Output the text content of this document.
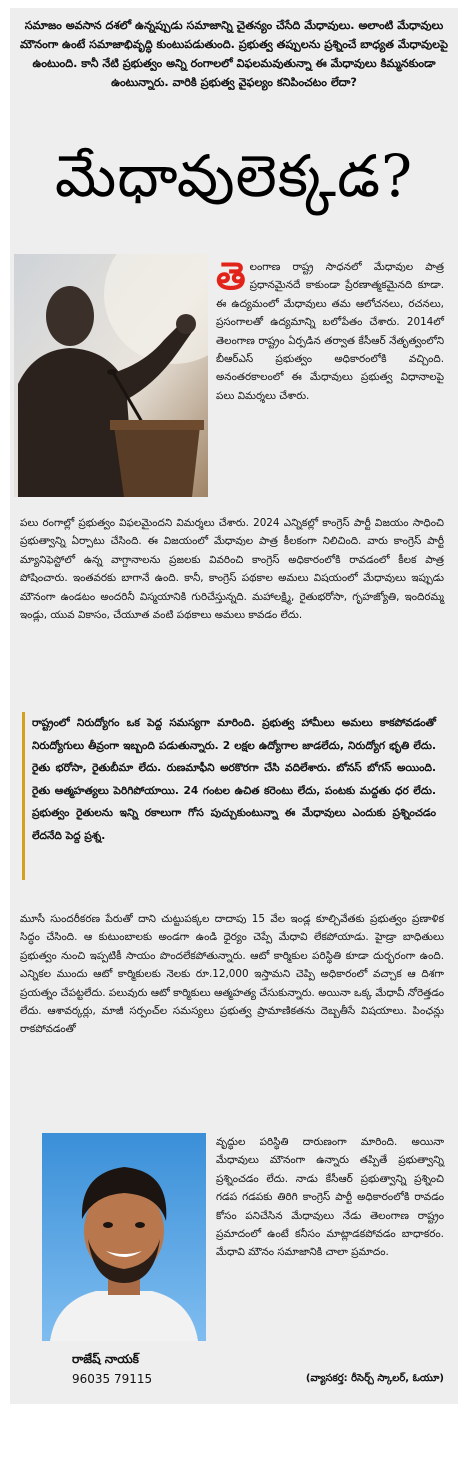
సమాజం అవసాన దశలో ఉన్నప్పుడు సమాజాన్ని చైతన్యం చేసేది మేధావులు. అలాంటి మేధావులు మౌనంగా ఉంటే సమాజాభివృద్ధి కుంటుపడుతుంది. ప్రభుత్వ తప్పులను ప్రశ్నించే బాధ్యత మేధావులపై ఉంటుంది. కానీ నేటి ప్రభుత్వం అన్ని రంగాలలో విఫలమవుతున్నా ఈ మేధావులు కిమ్మనకుండా ఉంటున్నారు. వారికి ప్రభుత్వ వైఫల్యం కనిపించటం లేదా?
మేధావులెక్కడ?
తెలంగాణ రాష్ట్ర సాధనలో మేధావుల పాత్ర ప్రధానమైనదే కాకుండా ప్రేరణాత్మకమైనది కూడా. ఈ ఉద్యమంలో మేధావులు తమ ఆలోచనలు, రచనలు, ప్రసంగాలతో ఉద్యమాన్ని బలోపేతం చేశారు. 2014లో తెలంగాణ రాష్ట్రం ఏర్పడిన తర్వాత కేసీఆర్ నేతృత్వంలోని బీఆర్ఎస్ ప్రభుత్వం అధికారంలోకి వచ్చింది. అనంతరకాలంలో ఈ మేధావులు ప్రభుత్వ విధానాలపై పలు విమర్శలు చేశారు.
పలు రంగాల్లో ప్రభుత్వం విఫలమైందని విమర్శలు చేశారు. 2024 ఎన్నికల్లో కాంగ్రెస్ పార్టీ విజయం సాధించి ప్రభుత్వాన్ని ఏర్పాటు చేసింది. ఈ విజయంలో మేధావుల పాత్ర కీలకంగా నిలిచింది. వారు కాంగ్రెస్ పార్టీ మ్యానిఫెస్టోలో ఉన్న వాగ్దానాలను ప్రజలకు వివరించి కాంగ్రెస్ అధికారంలోకి రావడంలో కీలక పాత్ర పోషించారు. ఇంతవరకు బాగానే ఉంది. కానీ, కాంగ్రెస్ పథకాల అమలు విషయంలో మేధావులు ఇప్పుడు మౌనంగా ఉండటం అందరినీ విస్మయానికి గురిచేస్తున్నది. మహాలక్ష్మి, రైతుభరోసా, గృహజ్యోతి, ఇందిరమ్మ ఇండ్లు, యువ వికాసం, చేయూత వంటి పథకాలు అమలు కావడం లేదు.
రాష్ట్రంలో నిరుద్యోగం ఒక పెద్ద సమస్యగా మారింది. ప్రభుత్వ హామీలు అమలు కాకపోవడంతో నిరుద్యోగులు తీవ్రంగా ఇబ్బంది పడుతున్నారు. 2 లక్షల ఉద్యోగాల జాడలేదు, నిరుద్యోగ భృతి లేదు. రైతు భరోసా, రైతుబీమా లేదు. రుణమాఫీని అరకొరగా చేసి వదిలేశారు. బోనస్ బోగస్ అయింది. రైతు ఆత్మహత్యలు పెరిగిపోయాయి. 24 గంటల ఉచిత కరెంటు లేదు, పంటకు మద్దతు ధర లేదు. ప్రభుత్వం రైతులను ఇన్ని రకాలుగా గోస పుచ్చుకుంటున్నా ఈ మేధావులు ఎందుకు ప్రశ్నించడం లేదనేది పెద్ద ప్రశ్న.
మూసీ సుందరీకరణ పేరుతో దాని చుట్టుపక్కల దాదాపు 15 వేల ఇండ్ల కూల్చివేతకు ప్రభుత్వం ప్రణాళిక సిద్ధం చేసింది. ఆ కుటుంబాలకు అండగా ఉండి ధైర్యం చెప్పే మేధావి లేకపోయాడు. హైడ్రా బాధితులు ప్రభుత్వం నుంచి ఇప్పటికీ సాయం పొందలేకపోతున్నారు. ఆటో కార్మికుల పరిస్థితి కూడా దుర్భరంగా ఉంది. ఎన్నికల ముందు ఆటో కార్మికులకు నెలకు రూ.12,000 ఇస్తామని చెప్పి అధికారంలో వచ్చాక ఆ దిశగా ప్రయత్నం చేపట్టలేదు. పలువురు ఆటో కార్మికులు ఆత్మహత్య చేసుకున్నారు. అయినా ఒక్క మేధావీ నోరెత్తడం లేదు. ఆశావర్కర్లు, మాజీ సర్పంచ్‌ల సమస్యలు ప్రభుత్వ ప్రామాణికతను దెబ్బతీసే విషయాలు. పింఛన్లు రాకపోవడంతో
వృద్ధుల పరిస్థితి దారుణంగా మారింది. అయినా మేధావులు మౌనంగా ఉన్నారు తప్పితే ప్రభుత్వాన్ని ప్రశ్నించడం లేదు. నాడు కేసీఆర్ ప్రభుత్వాన్ని ప్రశ్నించి గడప గడపకు తిరిగి కాంగ్రెస్ పార్టీ అధికారంలోకి రావడం కోసం పనిచేసిన మేధావులు నేడు తెలంగాణ రాష్ట్రం ప్రమాదంలో ఉంటే కనీసం మాట్లాడకపోవడం బాధాకరం. మేధావి మౌనం సమాజానికి చాలా ప్రమాదం.
రాజేష్ నాయక్
96035 79115	(వ్యాసకర్త: రీసెర్చ్ స్కాలర్, ఓయూ)
